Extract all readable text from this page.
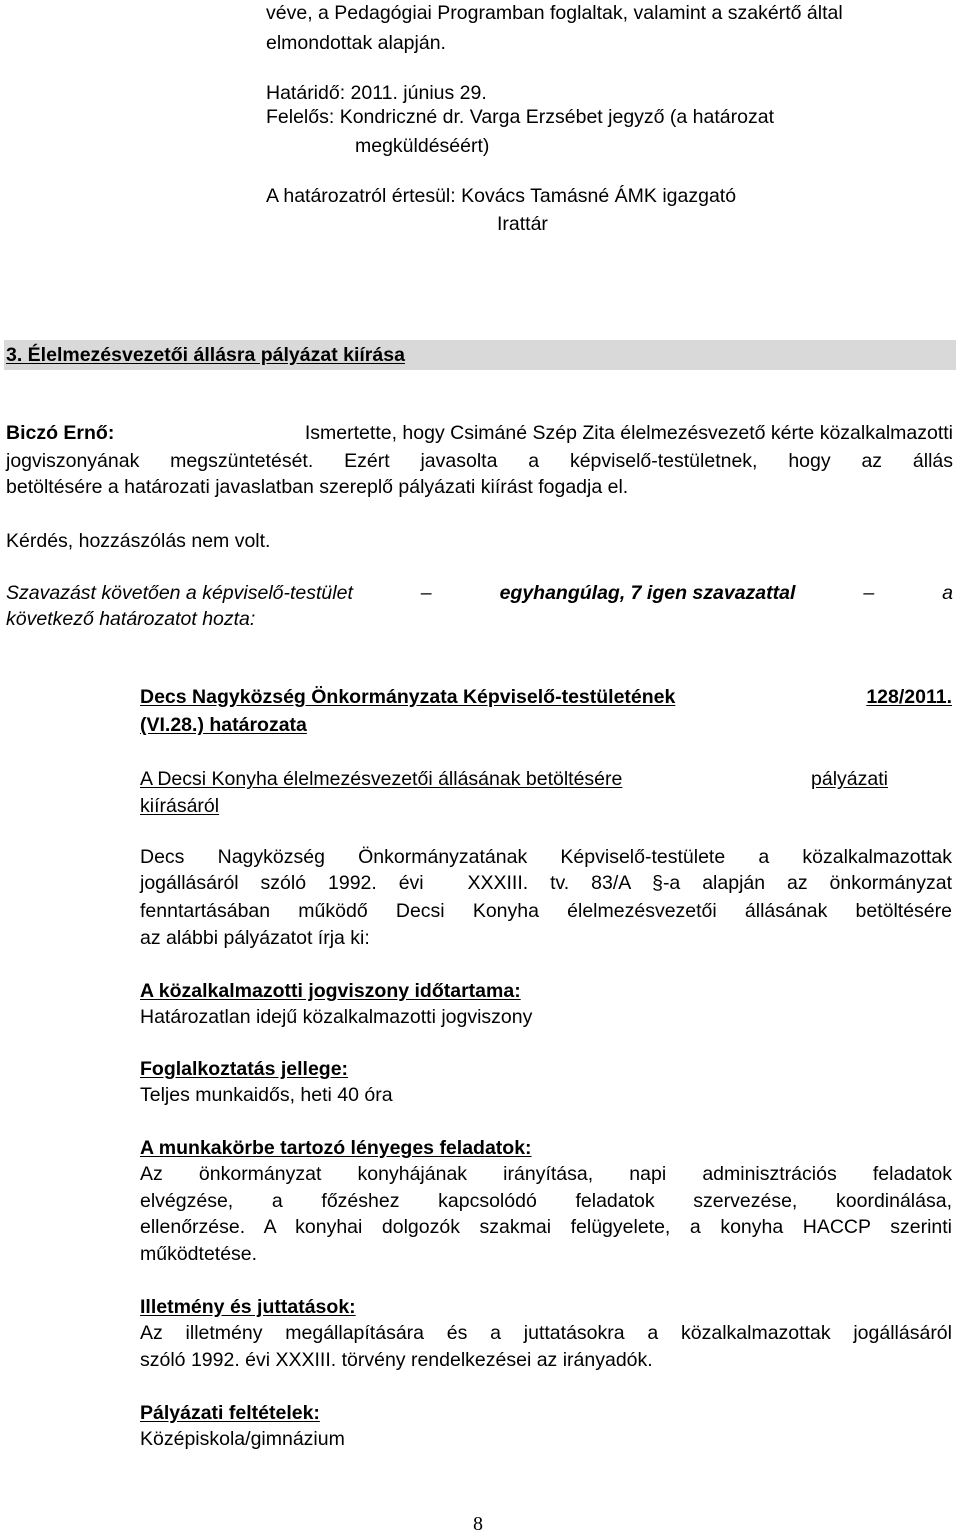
véve, a Pedagógiai Programban foglaltak, valamint a szakértő által
elmondottak alapján.
Határidő: 2011. június 29.
Felelős: Kondriczné dr. Varga Erzsébet jegyző (a határozat
megküldéséért)
A határozatról értesül: Kovács Tamásné ÁMK igazgató
Irattár
3. Élelmezésvezetői állásra pályázat kiírása
Biczó Ernő:	Ismertette, hogy Csimáné Szép Zita élelmezésvezető kérte közalkalmazotti
jogviszonyának megszüntetését. Ezért javasolta a képviselő-testületnek, hogy az állás
betöltésére a határozati javaslatban szereplő pályázati kiírást fogadja el.
Kérdés, hozzászólás nem volt.
Szavazást követően a képviselő-testület	–	egyhangúlag, 7 igen szavazattal	–	a
következő határozatot hozta:
Decs Nagyközség Önkormányzata Képviselő-testületének	128/2011.
(VI.28.) határozata
A Decsi Konyha élelmezésvezetői állásának betöltésére	pályázati
kiírásáról
Decs Nagyközség Önkormányzatának Képviselő-testülete a közalkalmazottak
jogállásáról szóló 1992. évi  XXXIII. tv. 83/A §-a alapján az önkormányzat
fenntartásában működő Decsi Konyha élelmezésvezetői állásának betöltésére
az alábbi pályázatot írja ki:
A közalkalmazotti jogviszony időtartama:
Határozatlan idejű közalkalmazotti jogviszony
Foglalkoztatás jellege:
Teljes munkaidős, heti 40 óra
A munkakörbe tartozó lényeges feladatok:
Az önkormányzat konyhájának irányítása, napi adminisztrációs feladatok
elvégzése, a főzéshez kapcsolódó feladatok szervezése, koordinálása,
ellenőrzése. A konyhai dolgozók szakmai felügyelete, a konyha HACCP szerinti
működtetése.
Illetmény és juttatások:
Az illetmény megállapítására és a juttatásokra a közalkalmazottak jogállásáról
szóló 1992. évi XXXIII. törvény rendelkezései az irányadók.
Pályázati feltételek:
Középiskola/gimnázium
8
